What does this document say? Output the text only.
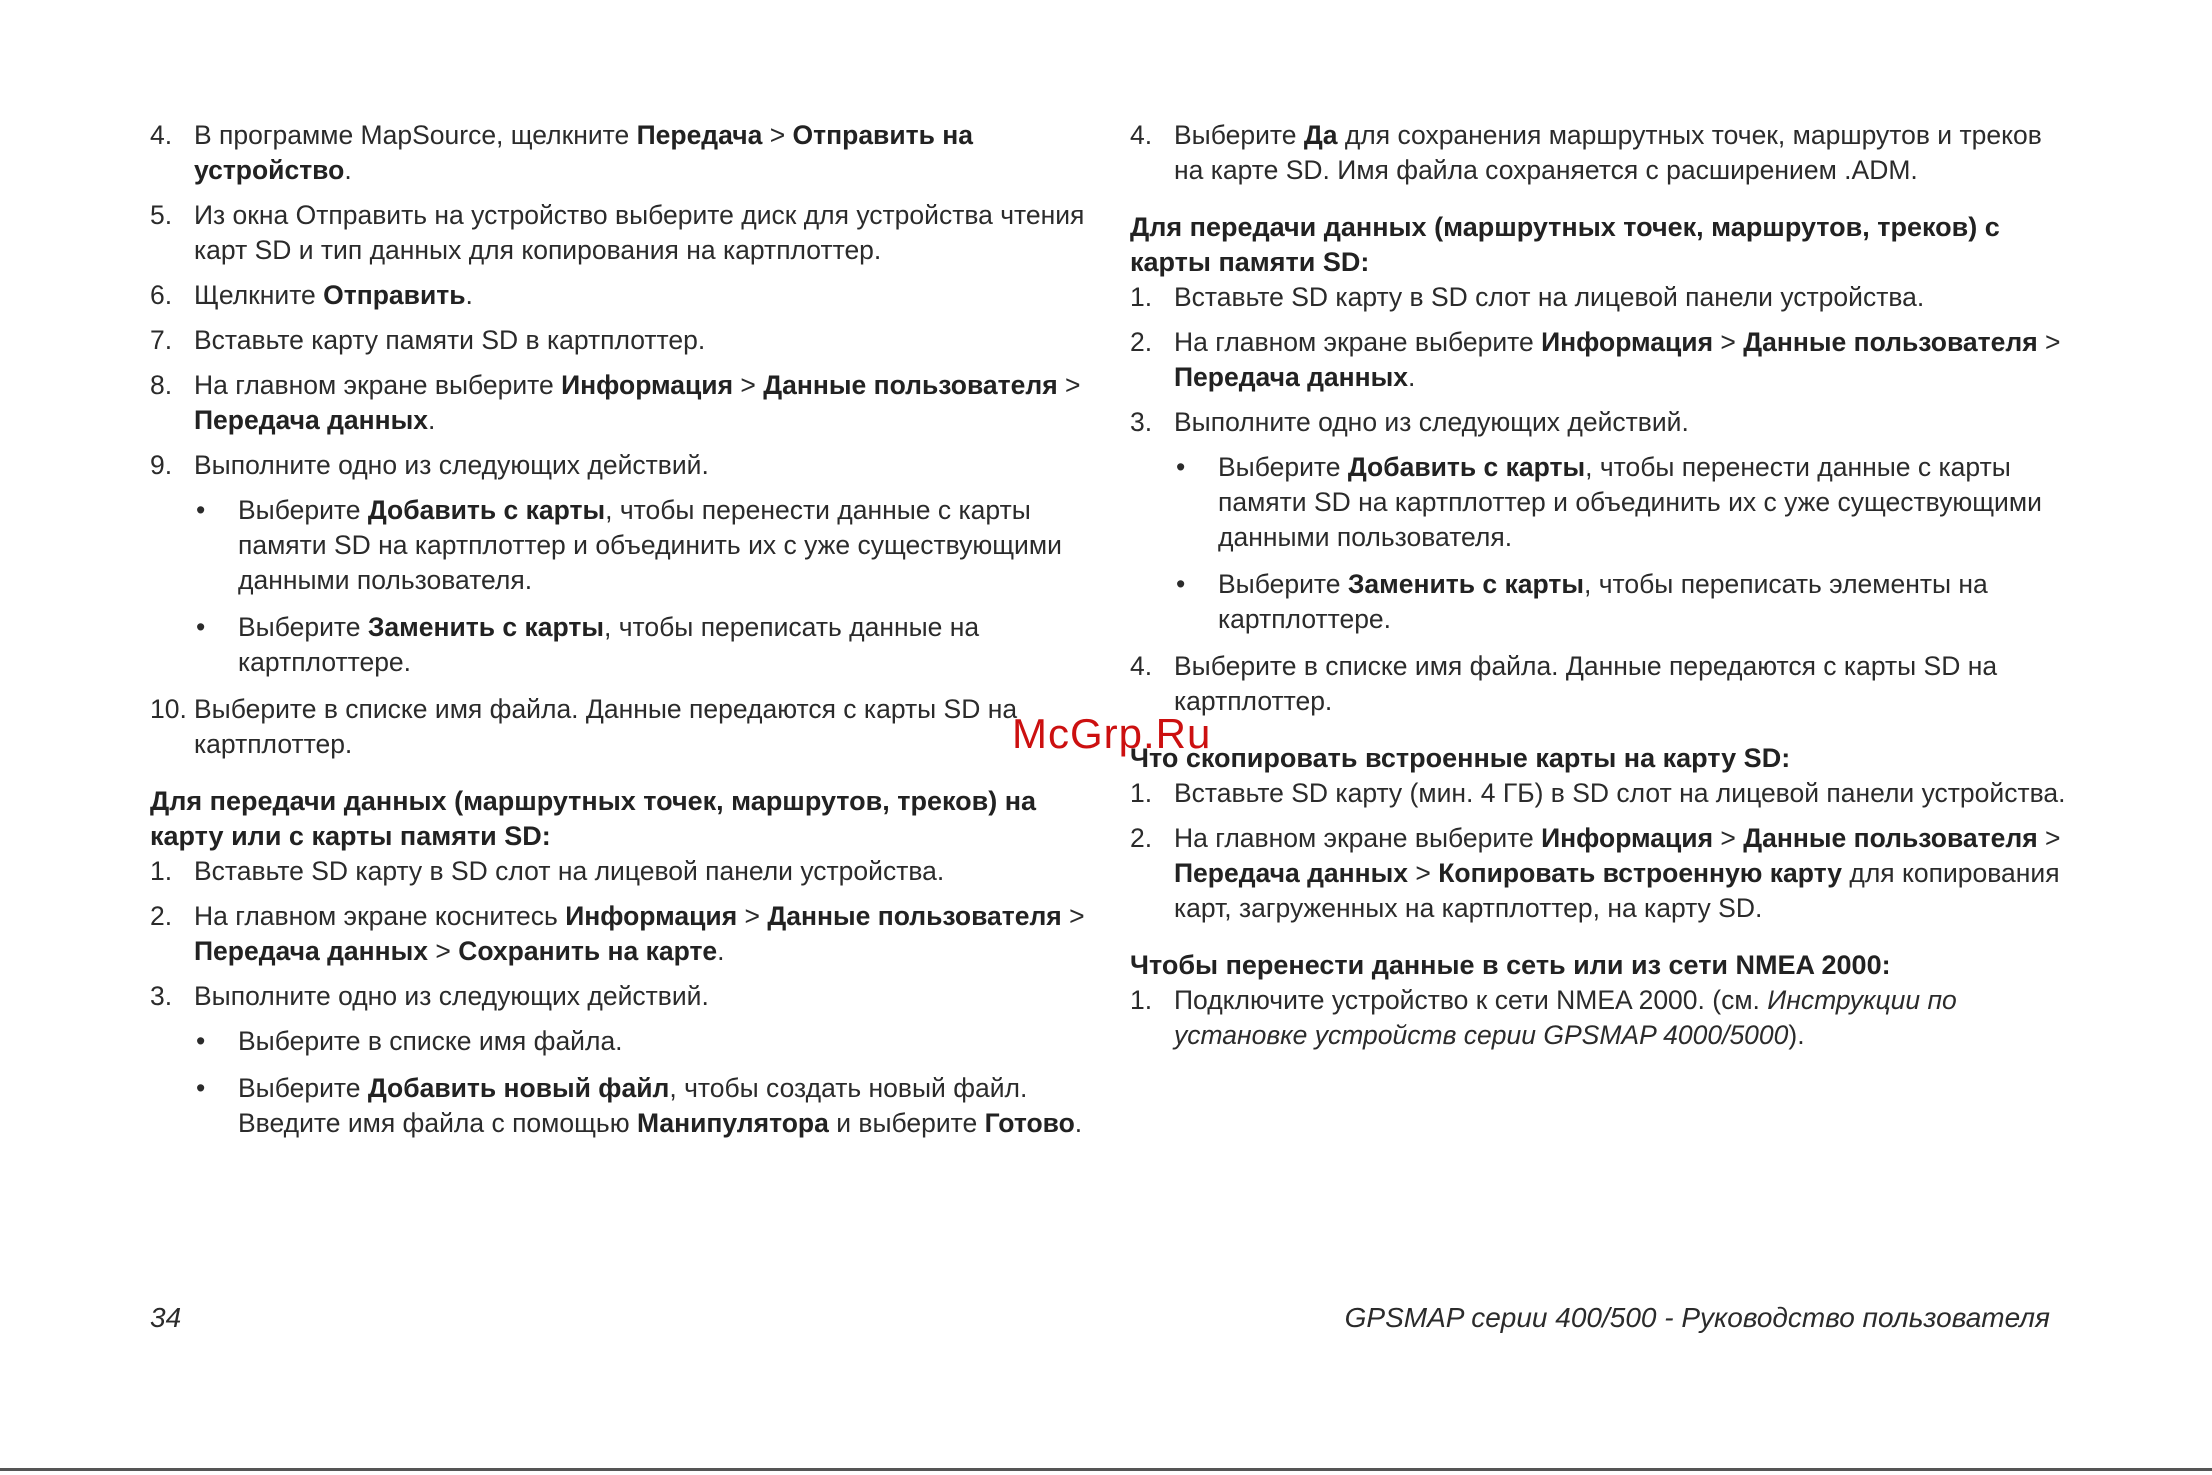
4. В программе MapSource, щелкните Передача > Отправить на устройство.
5. Из окна Отправить на устройство выберите диск для устройства чтения карт SD и тип данных для копирования на картплоттер.
6. Щелкните Отправить.
7. Вставьте карту памяти SD в картплоттер.
8. На главном экране выберите Информация > Данные пользователя > Передача данных.
9. Выполните одно из следующих действий.
• Выберите Добавить с карты, чтобы перенести данные с карты памяти SD на картплоттер и объединить их с уже существующими данными пользователя.
• Выберите Заменить с карты, чтобы переписать данные на картплоттере.
10. Выберите в списке имя файла. Данные передаются с карты SD на картплоттер.
Для передачи данных (маршрутных точек, маршрутов, треков) на карту или с карты памяти SD:
1. Вставьте SD карту в SD слот на лицевой панели устройства.
2. На главном экране коснитесь Информация > Данные пользователя > Передача данных > Сохранить на карте.
3. Выполните одно из следующих действий.
• Выберите в списке имя файла.
• Выберите Добавить новый файл, чтобы создать новый файл. Введите имя файла с помощью Манипулятора и выберите Готово.
4. Выберите Да для сохранения маршрутных точек, маршрутов и треков на карте SD. Имя файла сохраняется с расширением .ADM.
Для передачи данных (маршрутных точек, маршрутов, треков) с карты памяти SD:
1. Вставьте SD карту в SD слот на лицевой панели устройства.
2. На главном экране выберите Информация > Данные пользователя > Передача данных.
3. Выполните одно из следующих действий.
• Выберите Добавить с карты, чтобы перенести данные с карты памяти SD на картплоттер и объединить их с уже существующими данными пользователя.
• Выберите Заменить с карты, чтобы переписать элементы на картплоттере.
4. Выберите в списке имя файла. Данные передаются с карты SD на картплоттер.
Что скопировать встроенные карты на карту SD:
1. Вставьте SD карту (мин. 4 ГБ) в SD слот на лицевой панели устройства.
2. На главном экране выберите Информация > Данные пользователя > Передача данных > Копировать встроенную карту для копирования карт, загруженных на картплоттер, на карту SD.
Чтобы перенести данные в сеть или из сети NMEA 2000:
1. Подключите устройство к сети NMEA 2000. (см. Инструкции по установке устройств серии GPSMAP 4000/5000).
McGrp.Ru
34	GPSMAP серии 400/500 - Руководство пользователя
